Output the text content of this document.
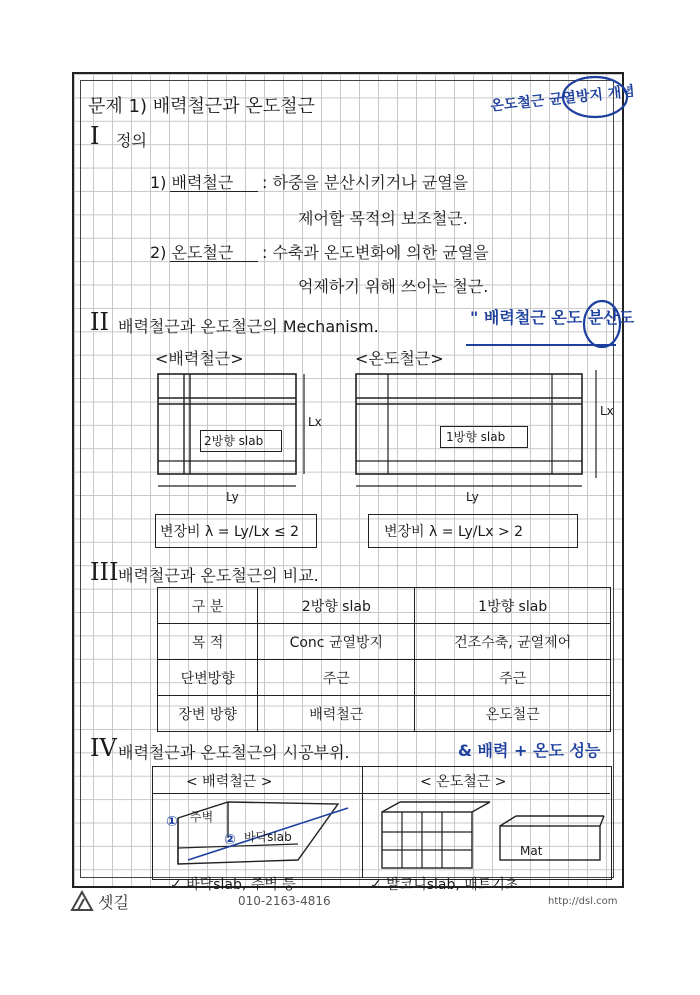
문제 1) 배력철근과 온도철근	온도철근 균열방지 개념
I 정의
1) 배력철근 : 하중을 분산시키거나 균열을
제어할 목적의 보조철근.
2) 온도철근 : 수축과 온도변화에 의한 균열을
억제하기 위해 쓰이는 철근.
II 배력철근과 온도철근의 Mechanism.	" 배력철근 온도 분산도
<배력철근>	<온도철근>
2방향 slab
Lx
Ly
1방향 slab
Lx
Ly
변장비 λ = Ly/Lx ≤ 2	변장비 λ = Ly/Lx > 2
III 배력철근과 온도철근의 비교.
구 분	2방향 slab	1방향 slab
목 적	Conc 균열방지	건조수축, 균열제어
단변방향	주근	주근
장변 방향	배력철근	온도철근
IV 배력철근과 온도철근의 시공부위.	& 배력 + 온도 성능
< 배력철근 >	< 온도철근 >
① 주벽
② 바닥slab
Mat
✓ 바닥slab, 주벽 등	✓ 발코니slab, 매트기초
셋길	010-2163-4816	http://dsl.com
